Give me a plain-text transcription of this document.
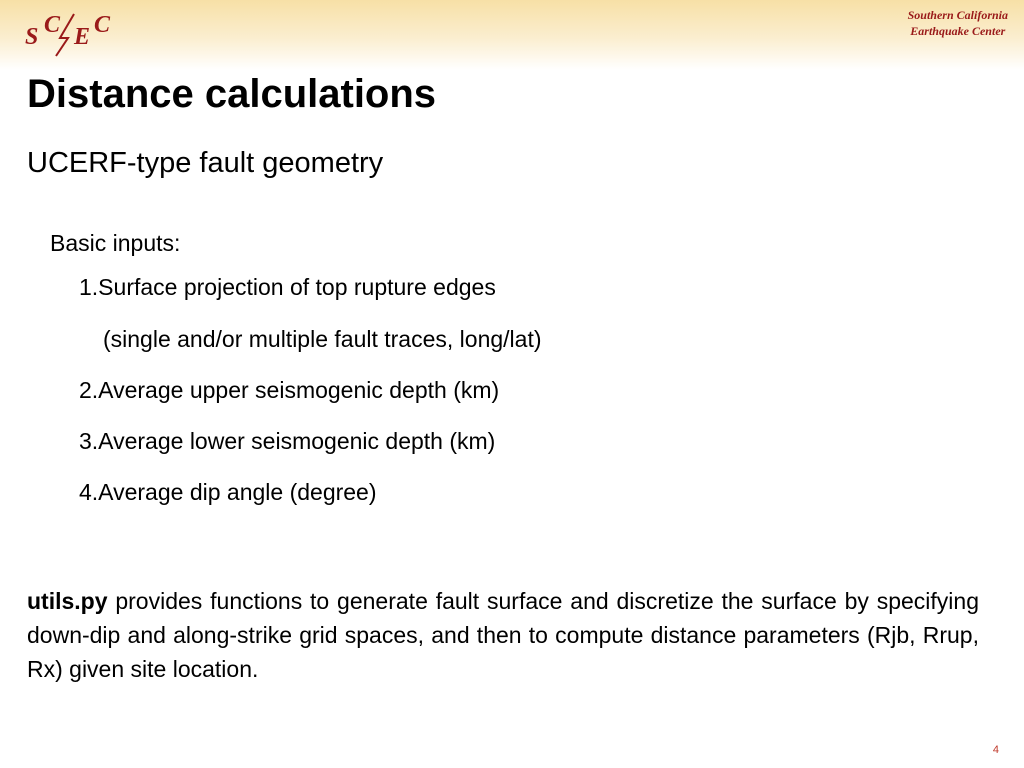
S C E C	Southern California
Earthquake Center
Distance calculations
UCERF-type fault geometry
Basic inputs:
1.Surface projection of top rupture edges
(single and/or multiple fault traces, long/lat)
2.Average upper seismogenic depth (km)
3.Average lower seismogenic depth (km)
4.Average dip angle (degree)
utils.py provides functions to generate fault surface and discretize the surface by specifying down-dip and along-strike grid spaces, and then to compute distance parameters (Rjb, Rrup, Rx) given site location.
4
